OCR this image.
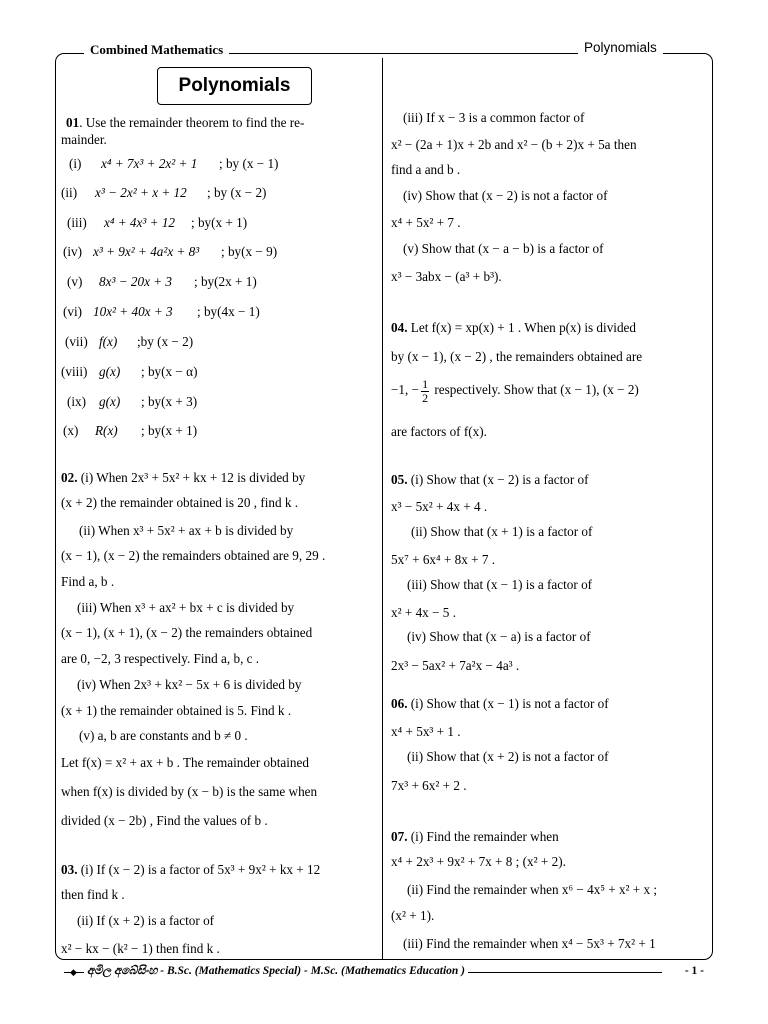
Combined Mathematics	Polynomials
Polynomials
01. Use the remainder theorem to find the re-
mainder.
(i) x⁴ + 7x³ + 2x² + 1 ; by (x − 1)
(ii) x³ − 2x² + x + 12 ; by (x − 2)
(iii) x⁴ + 4x³ + 12 ; by(x + 1)
(iv) x³ + 9x² + 4a²x + 8³ ; by(x − 9)
(v) 8x³ − 20x + 3 ; by(2x + 1)
(vi) 10x² + 40x + 3 ; by(4x − 1)
(vii) f(x) ;by (x − 2)
(viii) g(x) ; by(x − α)
(ix) g(x) ; by(x + 3)
(x) R(x) ; by(x + 1)
02. (i) When 2x³ + 5x² + kx + 12 is divided by
(x + 2) the remainder obtained is 20 , find k .
(ii) When x³ + 5x² + ax + b is divided by
(x − 1), (x − 2) the remainders obtained are 9, 29 .
Find a, b .
(iii) When x³ + ax² + bx + c is divided by
(x − 1), (x + 1), (x − 2) the remainders obtained
are 0, −2, 3 respectively. Find a, b, c .
(iv) When 2x³ + kx² − 5x + 6 is divided by
(x + 1) the remainder obtained is 5. Find k .
(v) a, b are constants and b ≠ 0 .
Let f(x) = x² + ax + b . The remainder obtained
when f(x) is divided by (x − b) is the same when
divided (x − 2b) , Find the values of b .
03. (i) If (x − 2) is a factor of 5x³ + 9x² + kx + 12
then find k .
(ii) If (x + 2) is a factor of
x² − kx − (k² − 1) then find k .
(iii) If x − 3 is a common factor of
x² − (2a + 1)x + 2b and x² − (b + 2)x + 5a then
find a and b .
(iv) Show that (x − 2) is not a factor of
x⁴ + 5x² + 7 .
(v) Show that (x − a − b) is a factor of
x³ − 3abx − (a³ + b³).
04. Let f(x) = xp(x) + 1 . When p(x) is divided
by (x − 1), (x − 2) , the remainders obtained are
−1, − $\frac{1}{2}$ respectively. Show that (x − 1), (x − 2)
are factors of f(x).
05. (i) Show that (x − 2) is a factor of
x³ − 5x² + 4x + 4 .
(ii) Show that (x + 1) is a factor of
5x⁷ + 6x⁴ + 8x + 7 .
(iii) Show that (x − 1) is a factor of
x² + 4x − 5 .
(iv) Show that (x − a) is a factor of
2x³ − 5ax² + 7a²x − 4a³ .
06. (i) Show that (x − 1) is not a factor of
x⁴ + 5x³ + 1 .
(ii) Show that (x + 2) is not a factor of
7x³ + 6x² + 2 .
07. (i) Find the remainder when
x⁴ + 2x³ + 9x² + 7x + 8 ; (x² + 2).
(ii) Find the remainder when x⁶ − 4x⁵ + x² + x ;
(x² + 1).
(iii) Find the remainder when x⁴ − 5x³ + 7x² + 1
◆ අමිල අබේසිංහ - B.Sc. (Mathematics Special) - M.Sc. (Mathematics Education )	- 1 -
